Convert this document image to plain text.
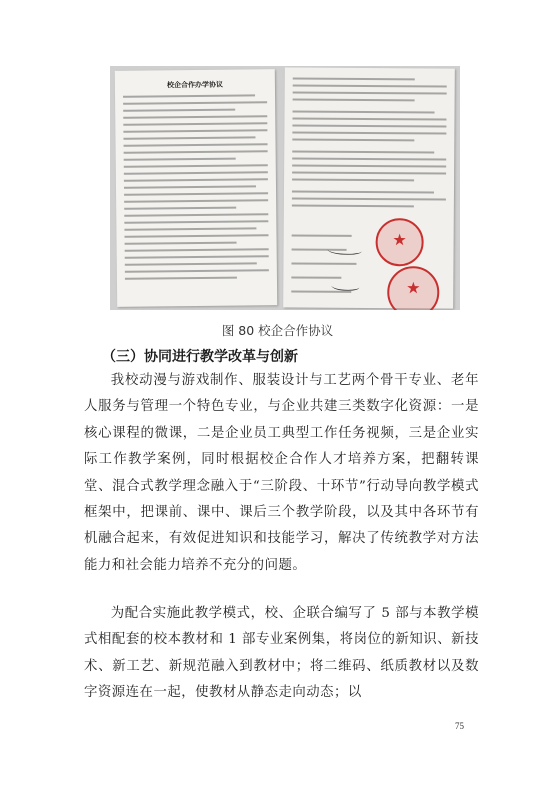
校企合作办学协议
★
★
图 80 校企合作协议
（三）协同进行教学改革与创新
我校动漫与游戏制作、服装设计与工艺两个骨干专业、老年人服务与管理一个特色专业，与企业共建三类数字化资源：一是核心课程的微课，二是企业员工典型工作任务视频，三是企业实际工作教学案例，同时根据校企合作人才培养方案，把翻转课堂、混合式教学理念融入于“三阶段、十环节”行动导向教学模式框架中，把课前、课中、课后三个教学阶段，以及其中各环节有机融合起来，有效促进知识和技能学习，解决了传统教学对方法能力和社会能力培养不充分的问题。
为配合实施此教学模式，校、企联合编写了 5 部与本教学模式相配套的校本教材和 1 部专业案例集，将岗位的新知识、新技术、新工艺、新规范融入到教材中；将二维码、纸质教材以及数字资源连在一起，使教材从静态走向动态；以
75
